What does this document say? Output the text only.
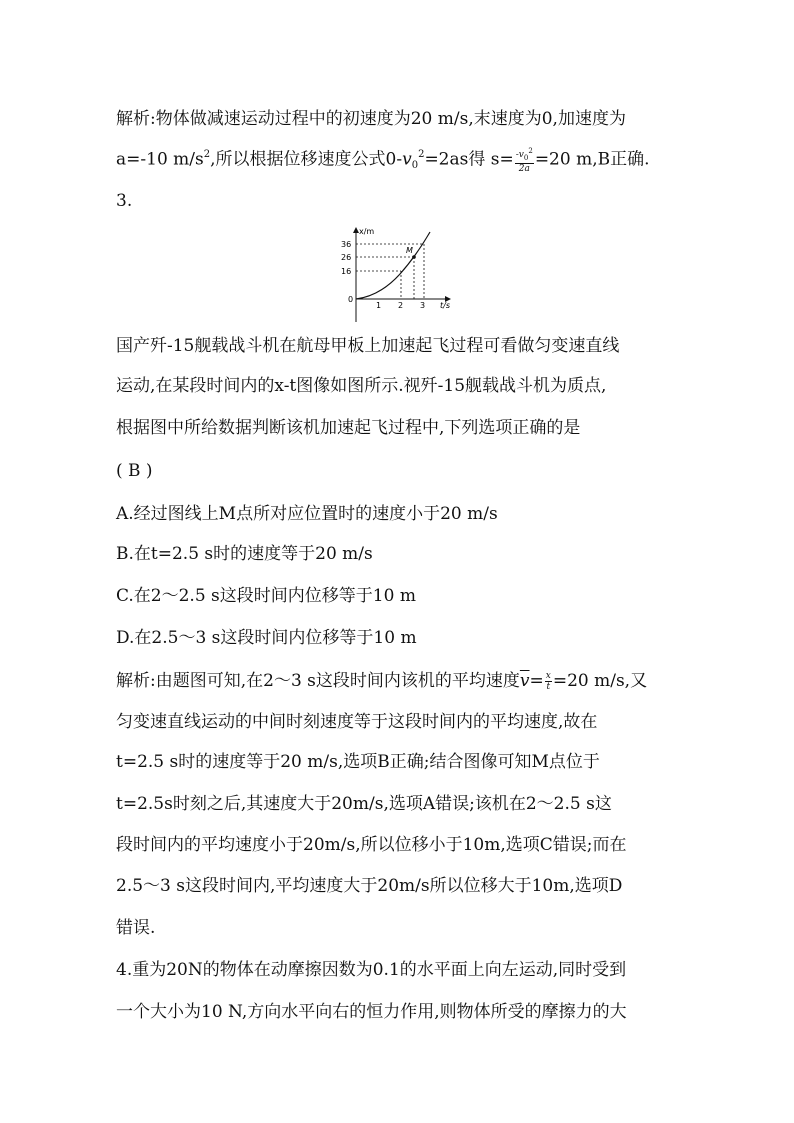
解析:物体做减速运动过程中的初速度为20 m/s,末速度为0,加速度为
a=-10 $m/s^2$,所以根据位移速度公式$0-v_0^2=2as$得 $s= \frac{-v_0^2}{2a} =20$ m,B正确.
3.
x/m
t/s
0
M
36
26
16
1 2 3
国产歼-15舰载战斗机在航母甲板上加速起飞过程可看做匀变速直线
运动,在某段时间内的x-t图像如图所示.视歼-15舰载战斗机为质点,
根据图中所给数据判断该机加速起飞过程中,下列选项正确的是
( B )
A.经过图线上M点所对应位置时的速度小于20 m/s
B.在t=2.5 s时的速度等于20 m/s
C.在2～2.5 s这段时间内位移等于10 m
D.在2.5～3 s这段时间内位移等于10 m
解析:由题图可知,在2～3 s这段时间内该机的平均速度$\overline{v}= \frac{x}{t} =20$ m/s,又
匀变速直线运动的中间时刻速度等于这段时间内的平均速度,故在
t=2.5 s时的速度等于20 m/s,选项B正确;结合图像可知M点位于
t=2.5s时刻之后,其速度大于20m/s,选项A错误;该机在2～2.5 s这
段时间内的平均速度小于20m/s,所以位移小于10m,选项C错误;而在
2.5～3 s这段时间内,平均速度大于20m/s所以位移大于10m,选项D
错误.
4.重为20N的物体在动摩擦因数为0.1的水平面上向左运动,同时受到
一个大小为10 N,方向水平向右的恒力作用,则物体所受的摩擦力的大
